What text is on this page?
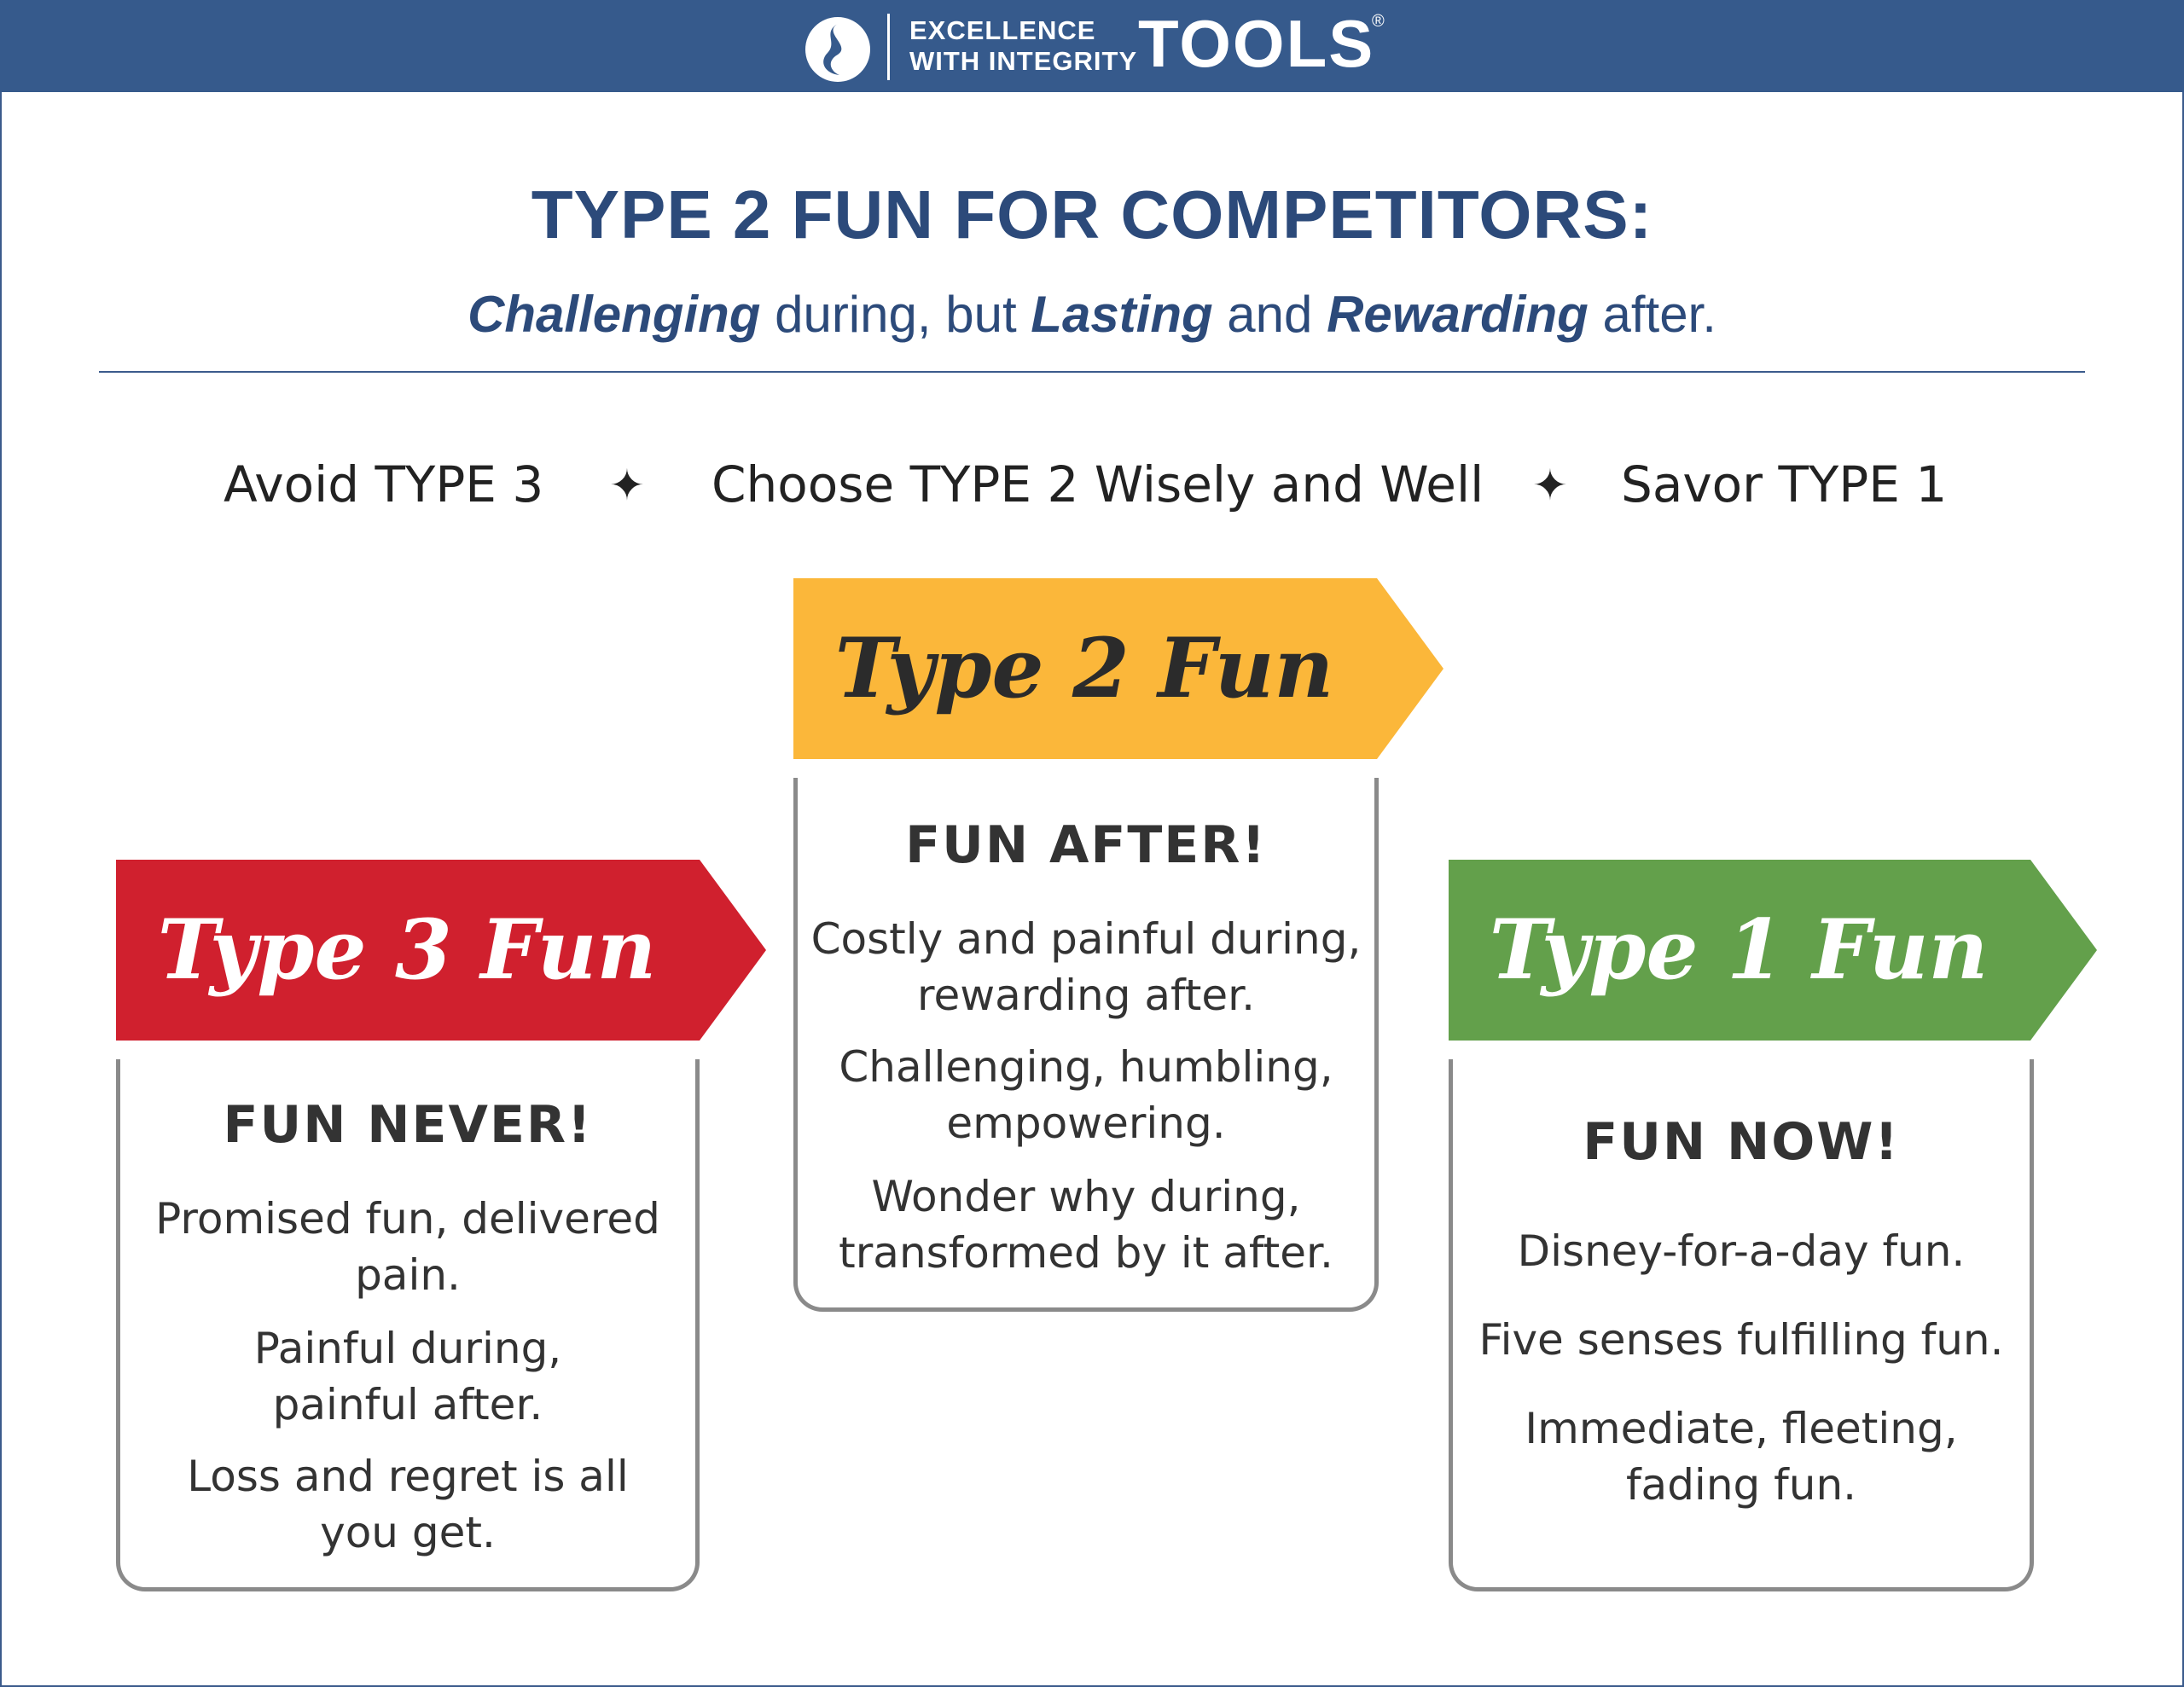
EXCELLENCE
WITH INTEGRITY TOOLS
®
TYPE 2 FUN FOR COMPETITORS:
Challenging during, but Lasting and Rewarding after.
Avoid TYPE 3 ✦ Choose TYPE 2 Wisely and Well ✦ Savor TYPE 1
Type 2 Fun
FUN AFTER!
Costly and painful during,
rewarding after.
Challenging, humbling,
empowering.
Wonder why during,
transformed by it after.
Type 3 Fun
FUN NEVER!
Promised fun, delivered
pain.
Painful during,
painful after.
Loss and regret is all
you get.
Type 1 Fun
FUN NOW!
Disney-for-a-day fun.
Five senses fulfilling fun.
Immediate, fleeting,
fading fun.
